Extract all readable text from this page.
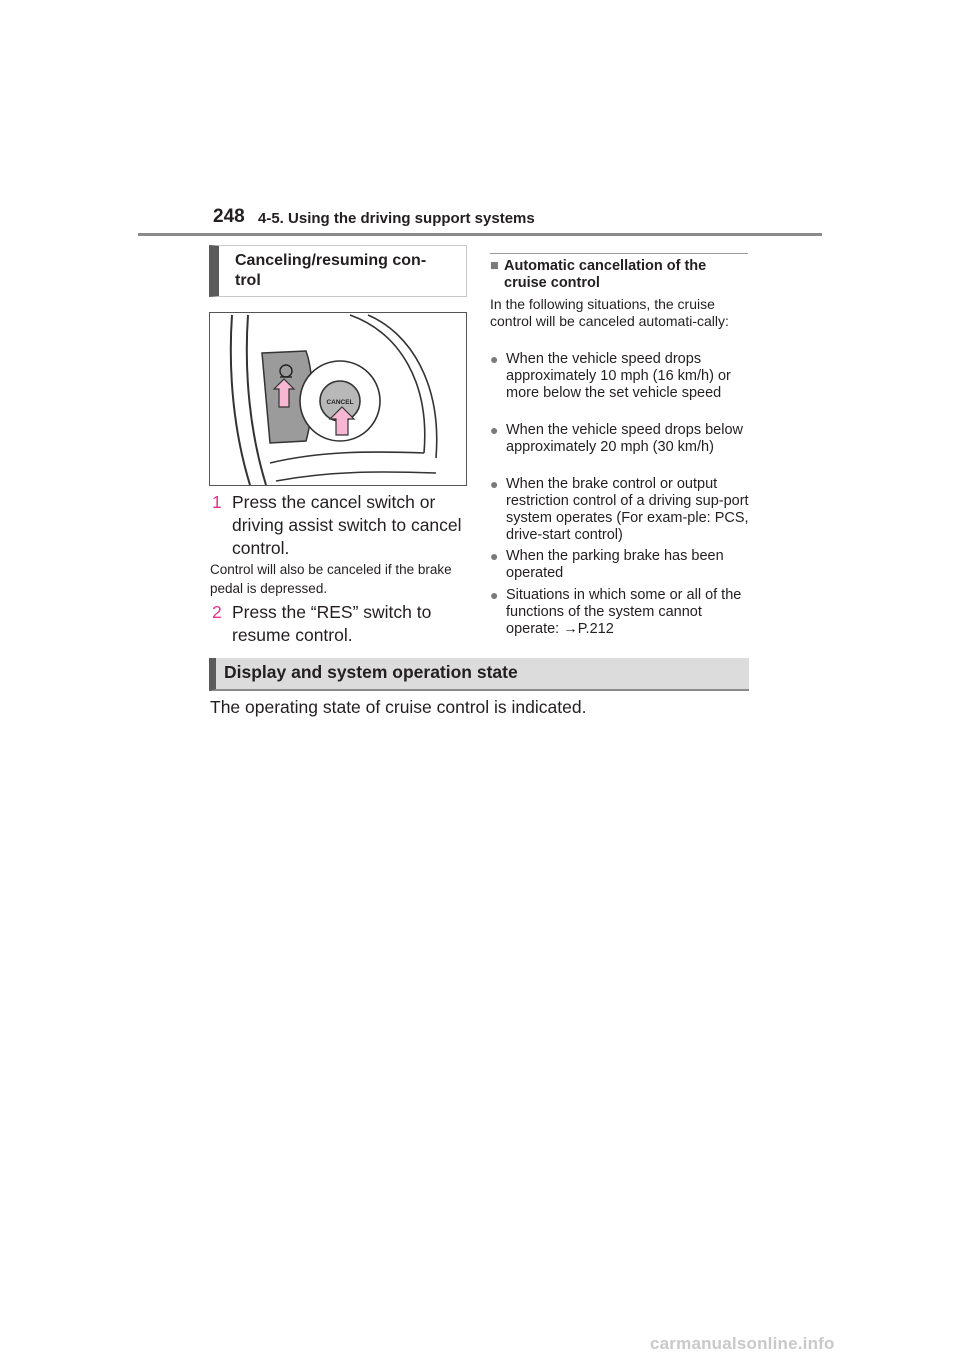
248 4-5. Using the driving support systems
Canceling/resuming con-
trol
CANCEL
1 Press the cancel switch or driving assist switch to cancel control.
Control will also be canceled if the brake pedal is depressed.
2 Press the “RES” switch to resume control.
■ Automatic cancellation of the cruise control
In the following situations, the cruise control will be canceled automati-cally:
● When the vehicle speed drops approximately 10 mph (16 km/h) or more below the set vehicle speed
● When the vehicle speed drops below approximately 20 mph (30 km/h)
● When the brake control or output restriction control of a driving sup-port system operates (For exam-ple: PCS, drive-start control)
● When the parking brake has been operated
● Situations in which some or all of the functions of the system cannot operate: →P.212
Display and system operation state
The operating state of cruise control is indicated.
carmanualsonline.info
